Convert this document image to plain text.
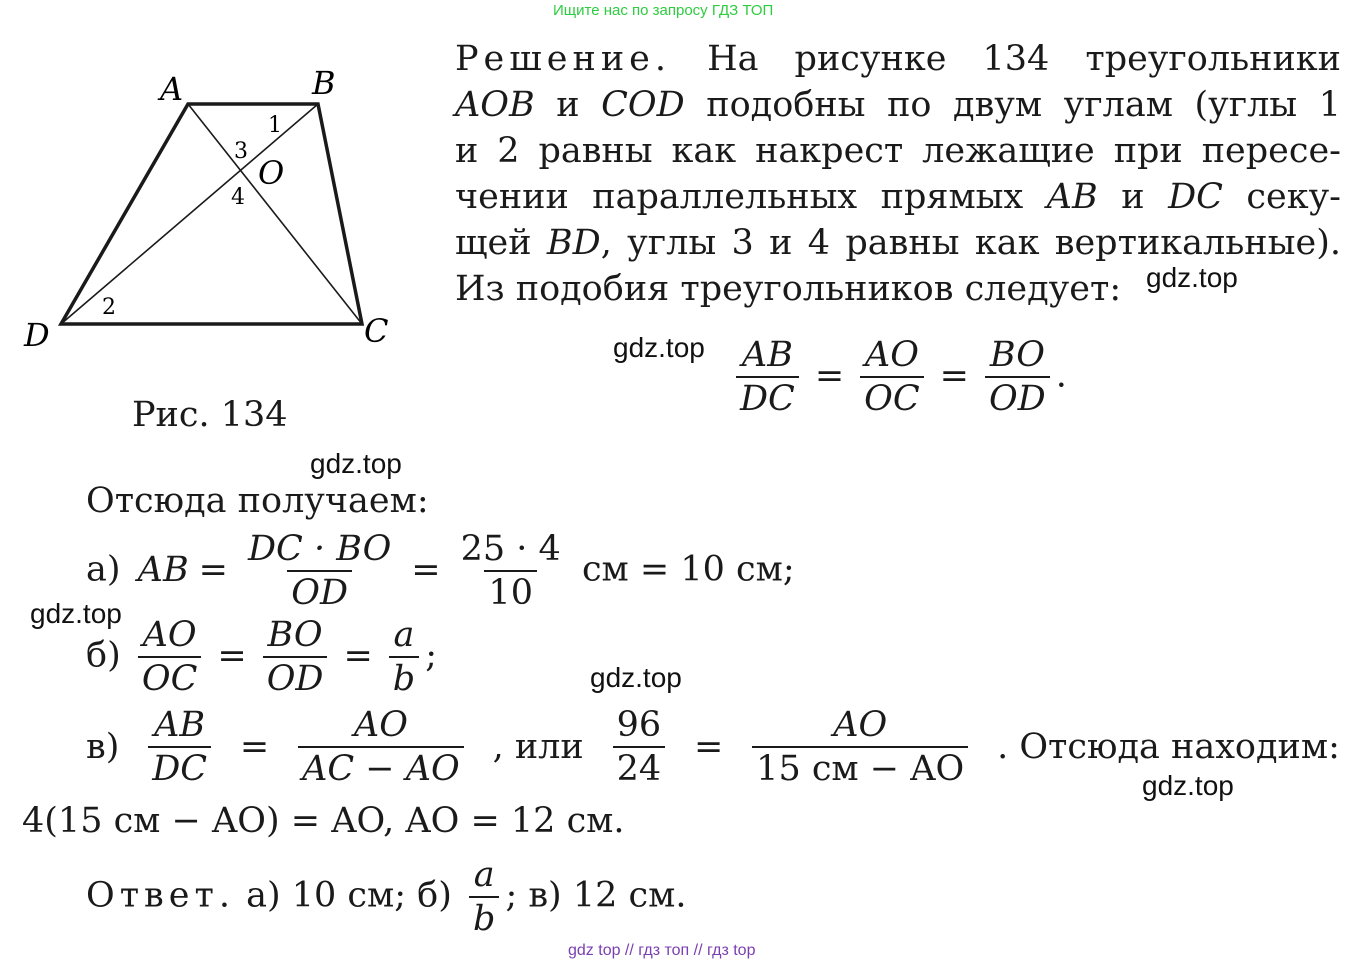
Ищите нас по запросу ГДЗ ТОП
A	B
C
D
O
1
2
3
4
Рис. 134
Решение. На рисунке 134 треугольники
AOB и COD подобны по двум углам (углы 1
и 2 равны как накрест лежащие при пересе-
чении параллельных прямых AB и DC секу-
щей BD, углы 3 и 4 равны как вертикальные).
Из подобия треугольников следует:
$\frac{AB}{DC} = \frac{AO}{OC} = \frac{BO}{OD}$ .
Отсюда получаем:
а) AB = $\frac{DC \cdot BO}{OD} = \frac{25 \cdot 4}{10}$ см = 10 см;
$б) \frac{AO}{OC} = \frac{BO}{OD} = \frac{a}{b}$ ;
$в) \frac{AB}{DC} = \frac{AO}{AC - AO}$ , или $\frac{96}{24} = \frac{AO}{15 см - AO}$ . Отсюда находим:
4(15 см − AO) = AO, AO = 12 см.
Ответ. а) 10 см; $б) \frac{a}{b}$ ; в) 12 см.
gdz.top
gdz.top
gdz.top
gdz.top
gdz.top
gdz.top
gdz top // гдз топ // гдз top
